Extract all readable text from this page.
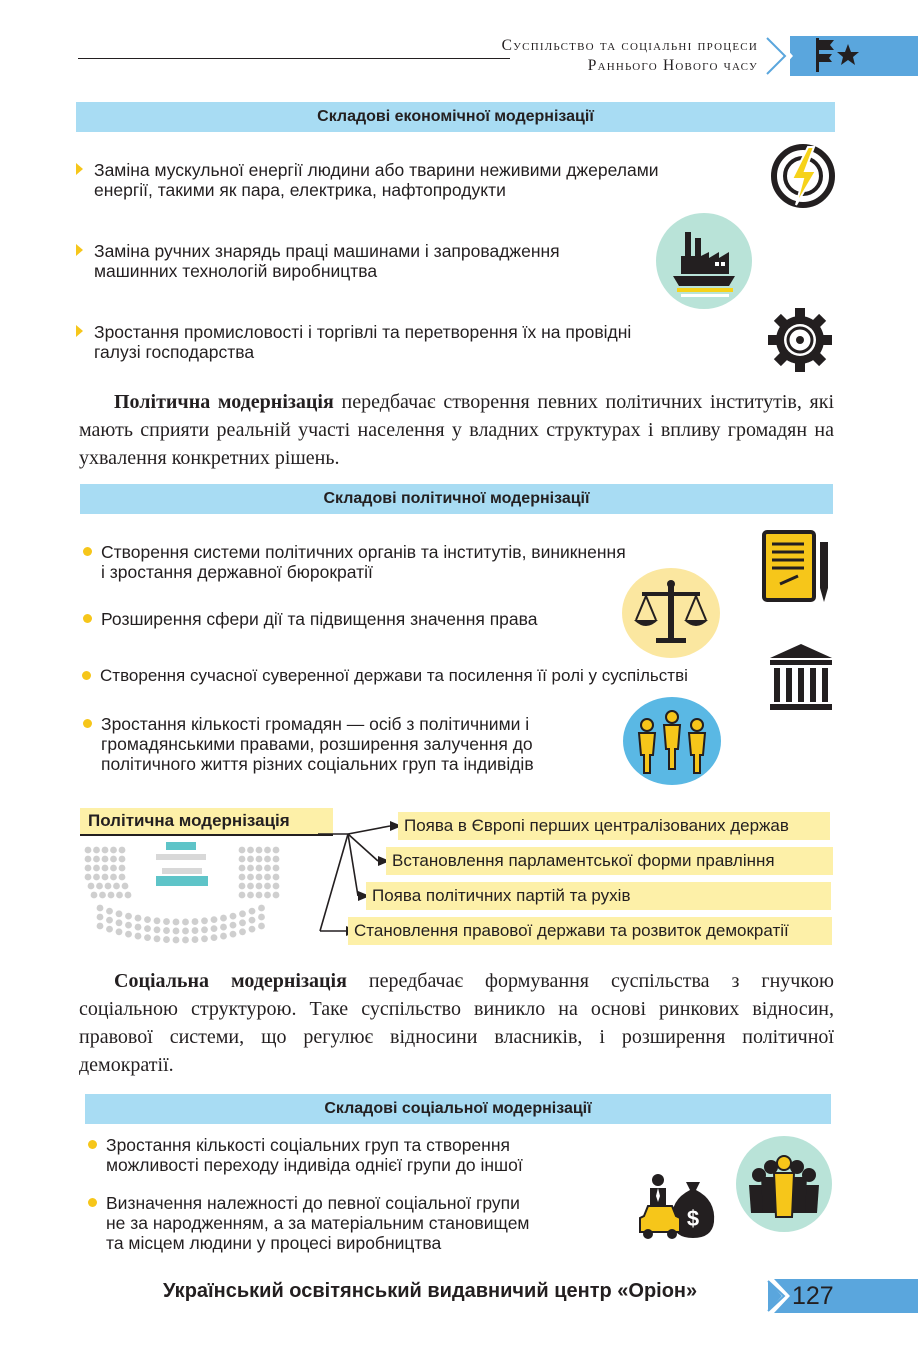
Суспільство та соціальні процеси
Раннього Нового часу
Складові економічної модернізації
Заміна мускульної енергії людини або тварини неживими джерелами
енергії, такими як пара, електрика, нафтопродукти
Заміна ручних знарядь праці машинами і запровадження
машинних технологій виробництва
Зростання промисловості і торгівлі та перетворення їх на провідні
галузі господарства
Політична модернізація передбачає створення певних політичних інститутів, які мають сприяти реальній участі населення у владних структурах і впливу громадян на ухвалення конкретних рішень.
Складові політичної модернізації
Створення системи політичних органів та інститутів, виникнення
і зростання державної бюрократії
Розширення сфери дії та підвищення значення права
Створення сучасної суверенної держави та посилення її ролі у суспільстві
Зростання кількості громадян — осіб з політичними і
громадянськими правами, розширення залучення до
політичного життя різних соціальних груп та індивідів
Політична модернізація	Поява в Європі перших централізованих держав
Встановлення парламентської форми правління
Поява політичних партій та рухів
Становлення правової держави та розвиток демократії
Соціальна модернізація передбачає формування суспільства з гнучкою соціальною структурою. Таке суспільство виникло на основі ринкових відносин, правової системи, що регулює відносини власників, і розширення політичної демократії.
Складові соціальної модернізації
Зростання кількості соціальних груп та створення
можливості переходу індивіда однієї групи до іншої
Визначення належності до певної соціальної групи
не за народженням, а за матеріальним становищем
та місцем людини у процесі виробництва
$
Український освітянський видавничий центр «Оріон»	127
